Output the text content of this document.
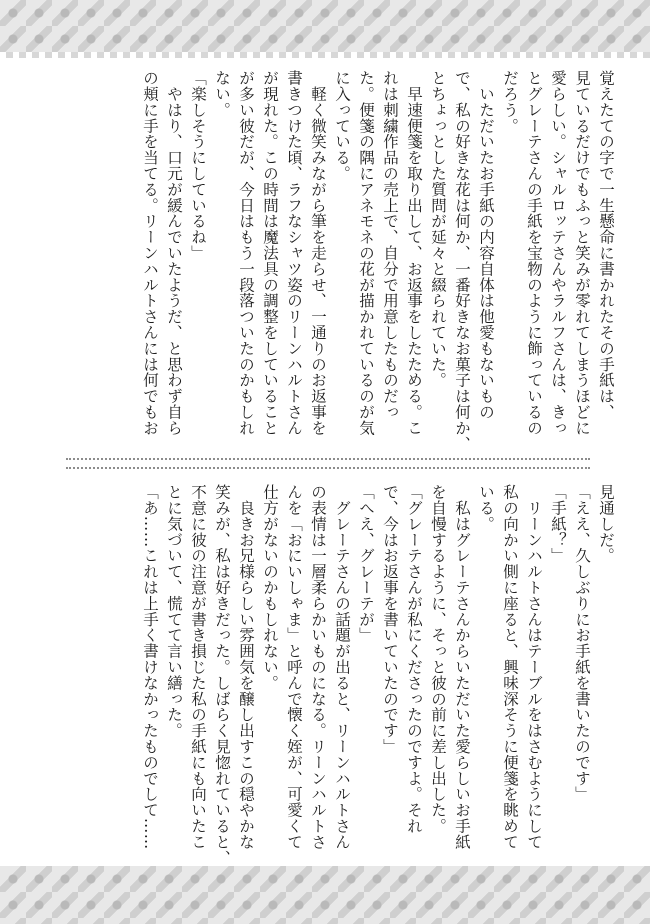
覚えたての字で一生懸命に書かれたその手紙は、
見ているだけでもふっと笑みが零れてしまうほどに
愛らしい。シャルロッテさんやラルフさんは、きっ
とグレーテさんの手紙を宝物のように飾っているの
だろう。
　いただいたお手紙の内容自体は他愛もないもの
で、私の好きな花は何か、一番好きなお菓子は何か、
とちょっとした質問が延々と綴られていた。
　早速便箋を取り出して、お返事をしたためる。こ
れは刺繍作品の売上で、自分で用意したものだっ
た。便箋の隅にアネモネの花が描かれているのが気
に入っている。
　軽く微笑みながら筆を走らせ、一通りのお返事を
書きつけた頃、ラフなシャツ姿のリーンハルトさん
が現れた。この時間は魔法具の調整をしていること
が多い彼だが、今日はもう一段落ついたのかもしれ
ない。
「楽しそうにしているね」
　やはり、口元が緩んでいたようだ、と思わず自ら
の頬に手を当てる。リーンハルトさんには何でもお
見通しだ。
「ええ、久しぶりにお手紙を書いたのです」
「手紙？」
　リーンハルトさんはテーブルをはさむようにして
私の向かい側に座ると、興味深そうに便箋を眺めて
いる。
　私はグレーテさんからいただいた愛らしいお手紙
を自慢するように、そっと彼の前に差し出した。
「グレーテさんが私にくださったのですよ。それ
で、今はお返事を書いていたのです」
「へえ、グレーテが」
　グレーテさんの話題が出ると、リーンハルトさん
の表情は一層柔らかいものになる。リーンハルトさ
んを「おにいしゃま」と呼んで懐く姪が、可愛くて
仕方がないのかもしれない。
　良きお兄様らしい雰囲気を醸し出すこの穏やかな
笑みが、私は好きだった。しばらく見惚れていると、
不意に彼の注意が書き損じた私の手紙にも向いたこ
とに気づいて、慌てて言い繕った。
「あ……これは上手く書けなかったものでして……
